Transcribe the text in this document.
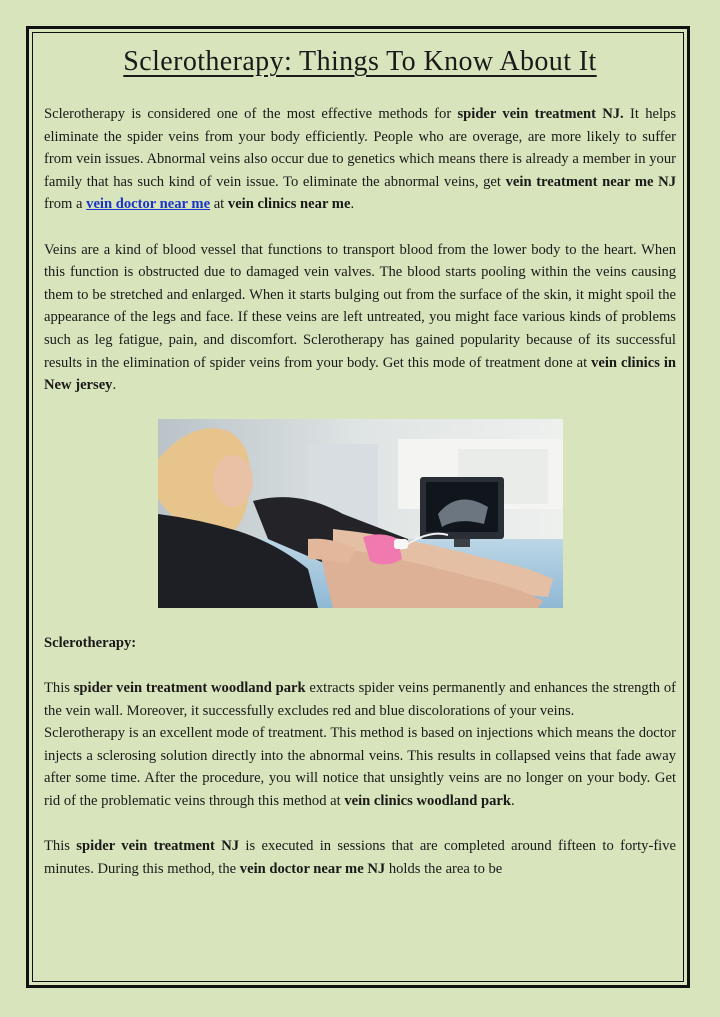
Sclerotherapy: Things To Know About It

Sclerotherapy is considered one of the most effective methods for spider vein treatment NJ. It helps eliminate the spider veins from your body efficiently. People who are overage, are more likely to suffer from vein issues. Abnormal veins also occur due to genetics which means there is already a member in your family that has such kind of vein issue. To eliminate the abnormal veins, get vein treatment near me NJ from a vein doctor near me at vein clinics near me.

Veins are a kind of blood vessel that functions to transport blood from the lower body to the heart. When this function is obstructed due to damaged vein valves. The blood starts pooling within the veins causing them to be stretched and enlarged. When it starts bulging out from the surface of the skin, it might spoil the appearance of the legs and face. If these veins are left untreated, you might face various kinds of problems such as leg fatigue, pain, and discomfort. Sclerotherapy has gained popularity because of its successful results in the elimination of spider veins from your body. Get this mode of treatment done at vein clinics in New jersey.

Sclerotherapy:

This spider vein treatment woodland park extracts spider veins permanently and enhances the strength of the vein wall. Moreover, it successfully excludes red and blue discolorations of your veins.

Sclerotherapy is an excellent mode of treatment. This method is based on injections which means the doctor injects a sclerosing solution directly into the abnormal veins. This results in collapsed veins that fade away after some time. After the procedure, you will notice that unsightly veins are no longer on your body. Get rid of the problematic veins through this method at vein clinics woodland park.

This spider vein treatment NJ is executed in sessions that are completed around fifteen to forty-five minutes. During this method, the vein doctor near me NJ holds the area to be
